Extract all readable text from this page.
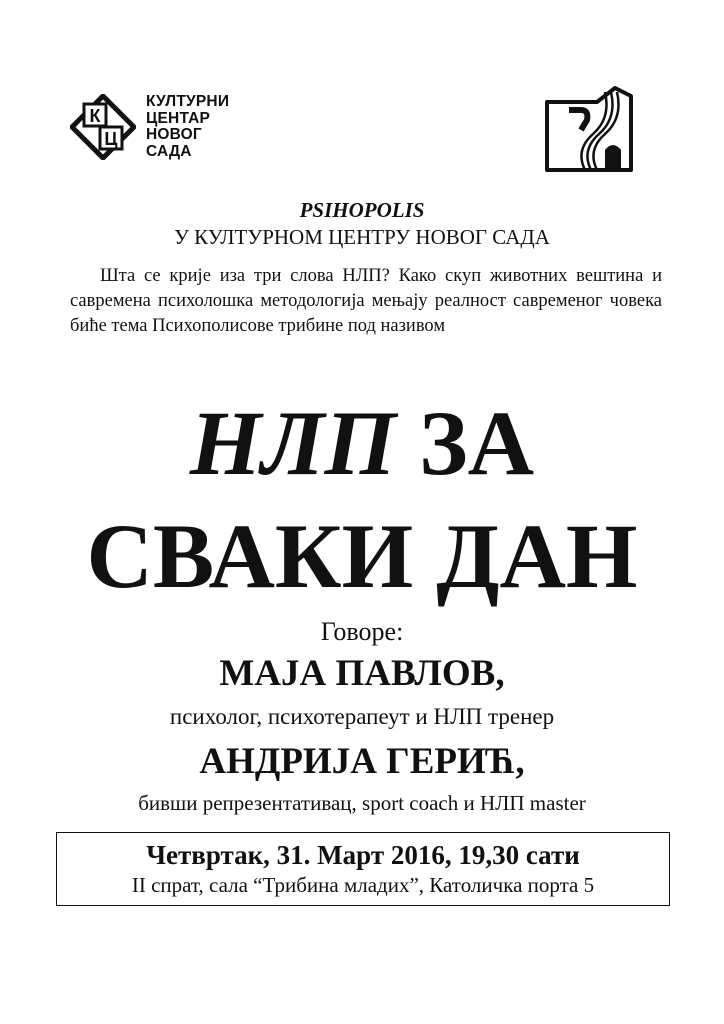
К
Ц
КУЛТУРНИ
ЦЕНТАР
НОВОГ
САДА
PSIHOPOLIS
У КУЛТУРНОМ ЦЕНТРУ НОВОГ САДА

Шта се крије иза три слова НЛП? Како скуп животних вештина и савремена психолошка методологија мењају реалност савременог човека биће тема Психополисове трибине под називом

НЛП ЗА
СВАКИ ДАН
Говоре:
МАЈА ПАВЛОВ,
психолог, психотерапеут и НЛП тренер
АНДРИЈА ГЕРИЋ,
бивши репрезентативац, sport coach и НЛП master
Четвртак, 31. Март 2016, 19,30 сати
II спрат, сала “Трибина младих”, Католичка порта 5
